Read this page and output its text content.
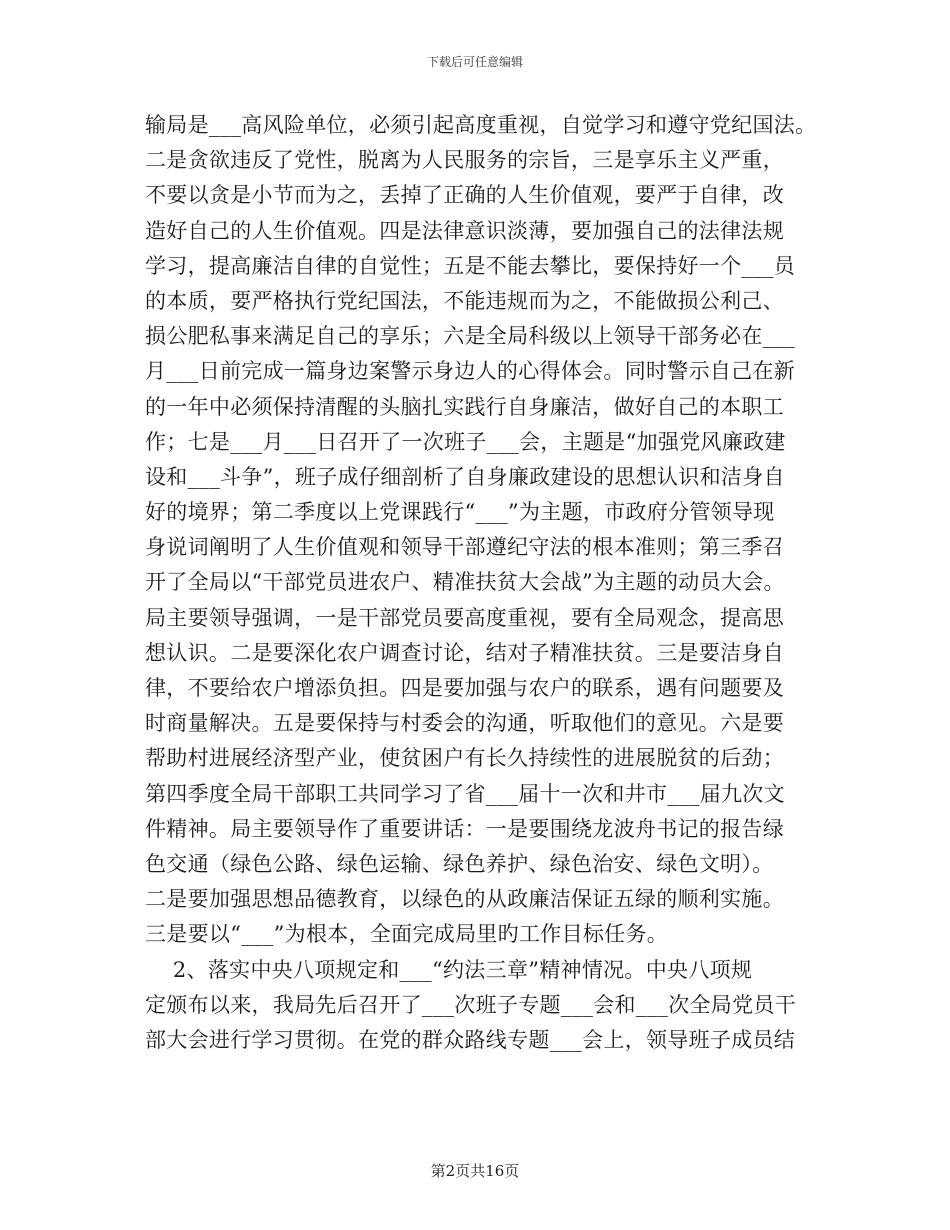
下载后可任意编辑
输局是___高风险单位，必须引起高度重视，自觉学习和遵守党纪国法。
二是贪欲违反了党性，脱离为人民服务的宗旨，三是享乐主义严重，
不要以贪是小节而为之，丢掉了正确的人生价值观，要严于自律，改
造好自己的人生价值观。四是法律意识淡薄，要加强自己的法律法规
学习，提高廉洁自律的自觉性；五是不能去攀比，要保持好一个___员
的本质，要严格执行党纪国法，不能违规而为之，不能做损公利己、
损公肥私事来满足自己的享乐；六是全局科级以上领导干部务必在___
月___日前完成一篇身边案警示身边人的心得体会。同时警示自己在新
的一年中必须保持清醒的头脑扎实践行自身廉洁，做好自己的本职工
作；七是___月___日召开了一次班子___会，主题是“加强党风廉政建
设和___斗争”，班子成仔细剖析了自身廉政建设的思想认识和洁身自
好的境界；第二季度以上党课践行“___”为主题，市政府分管领导现
身说词阐明了人生价值观和领导干部遵纪守法的根本准则；第三季召
开了全局以“干部党员进农户、精准扶贫大会战”为主题的动员大会。
局主要领导强调，一是干部党员要高度重视，要有全局观念，提高思
想认识。二是要深化农户调查讨论，结对子精准扶贫。三是要洁身自
律，不要给农户增添负担。四是要加强与农户的联系，遇有问题要及
时商量解决。五是要保持与村委会的沟通，听取他们的意见。六是要
帮助村进展经济型产业，使贫困户有长久持续性的进展脱贫的后劲；
第四季度全局干部职工共同学习了省___届十一次和井市___届九次文
件精神。局主要领导作了重要讲话：一是要围绕龙波舟书记的报告绿
色交通（绿色公路、绿色运输、绿色养护、绿色治安、绿色文明）。
二是要加强思想品德教育，以绿色的从政廉洁保证五绿的顺利实施。
三是要以“___”为根本，全面完成局里旳工作目标任务。
2、落实中央八项规定和___“约法三章”精神情况。中央八项规
定颁布以来，我局先后召开了___次班子专题___会和___次全局党员干
部大会进行学习贯彻。在党的群众路线专题___会上，领导班子成员结
第2页共16页
